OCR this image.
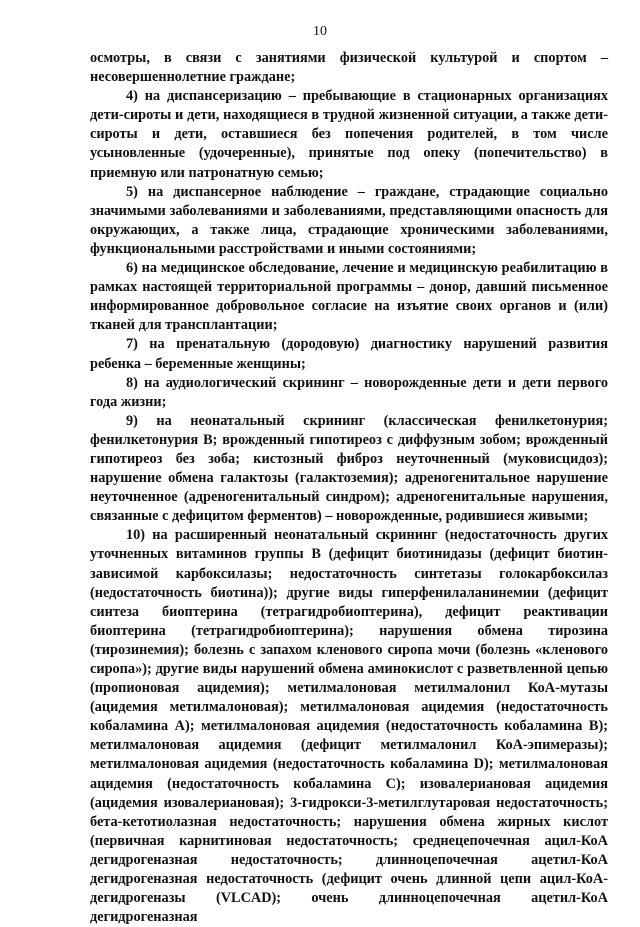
10

осмотры, в связи с занятиями физической культурой и спортом – несовершеннолетние граждане;

4) на диспансеризацию – пребывающие в стационарных организациях дети-сироты и дети, находящиеся в трудной жизненной ситуации, а также дети-сироты и дети, оставшиеся без попечения родителей, в том числе усыновленные (удочеренные), принятые под опеку (попечительство) в приемную или патронатную семью;

5) на диспансерное наблюдение – граждане, страдающие социально значимыми заболеваниями и заболеваниями, представляющими опасность для окружающих, а также лица, страдающие хроническими заболеваниями, функциональными расстройствами и иными состояниями;

6) на медицинское обследование, лечение и медицинскую реабилитацию в рамках настоящей территориальной программы – донор, давший письменное информированное добровольное согласие на изъятие своих органов и (или) тканей для трансплантации;

7) на пренатальную (дородовую) диагностику нарушений развития ребенка – беременные женщины;

8) на аудиологический скрининг – новорожденные дети и дети первого года жизни;

9) на неонатальный скрининг (классическая фенилкетонурия; фенилкетонурия B; врожденный гипотиреоз с диффузным зобом; врожденный гипотиреоз без зоба; кистозный фиброз неуточненный (муковисцидоз); нарушение обмена галактозы (галактоземия); адреногенитальное нарушение неуточненное (адреногенитальный синдром); адреногенитальные нарушения, связанные с дефицитом ферментов) – новорожденные, родившиеся живыми;

10) на расширенный неонатальный скрининг (недостаточность других уточненных витаминов группы B (дефицит биотинидазы (дефицит биотин-зависимой карбоксилазы; недостаточность синтетазы голокарбоксилаз (недостаточность биотина)); другие виды гиперфенилаланинемии (дефицит синтеза биоптерина (тетрагидробиоптерина), дефицит реактивации биоптерина (тетрагидробиоптерина); нарушения обмена тирозина (тирозинемия); болезнь с запахом кленового сиропа мочи (болезнь «кленового сиропа»); другие виды нарушений обмена аминокислот с разветвленной цепью (пропионовая ацидемия); метилмалоновая метилмалонил КоА-мутазы (ацидемия метилмалоновая); метилмалоновая ацидемия (недостаточность кобаламина A); метилмалоновая ацидемия (недостаточность кобаламина B); метилмалоновая ацидемия (дефицит метилмалонил КоА-эпимеразы); метилмалоновая ацидемия (недостаточность кобаламина D); метилмалоновая ацидемия (недостаточность кобаламина C); изовалериановая ацидемия (ацидемия изовалериановая); 3-гидрокси-3-метилглутаровая недостаточность; бета-кетотиолазная недостаточность; нарушения обмена жирных кислот (первичная карнитиновая недостаточность; среднецепочечная ацил-КоА дегидрогеназная недостаточность; длинноцепочечная ацетил-КоА дегидрогеназная недостаточность (дефицит очень длинной цепи ацил-КоА-дегидрогеназы (VLCAD); очень длинноцепочечная ацетил-КоА дегидрогеназная
